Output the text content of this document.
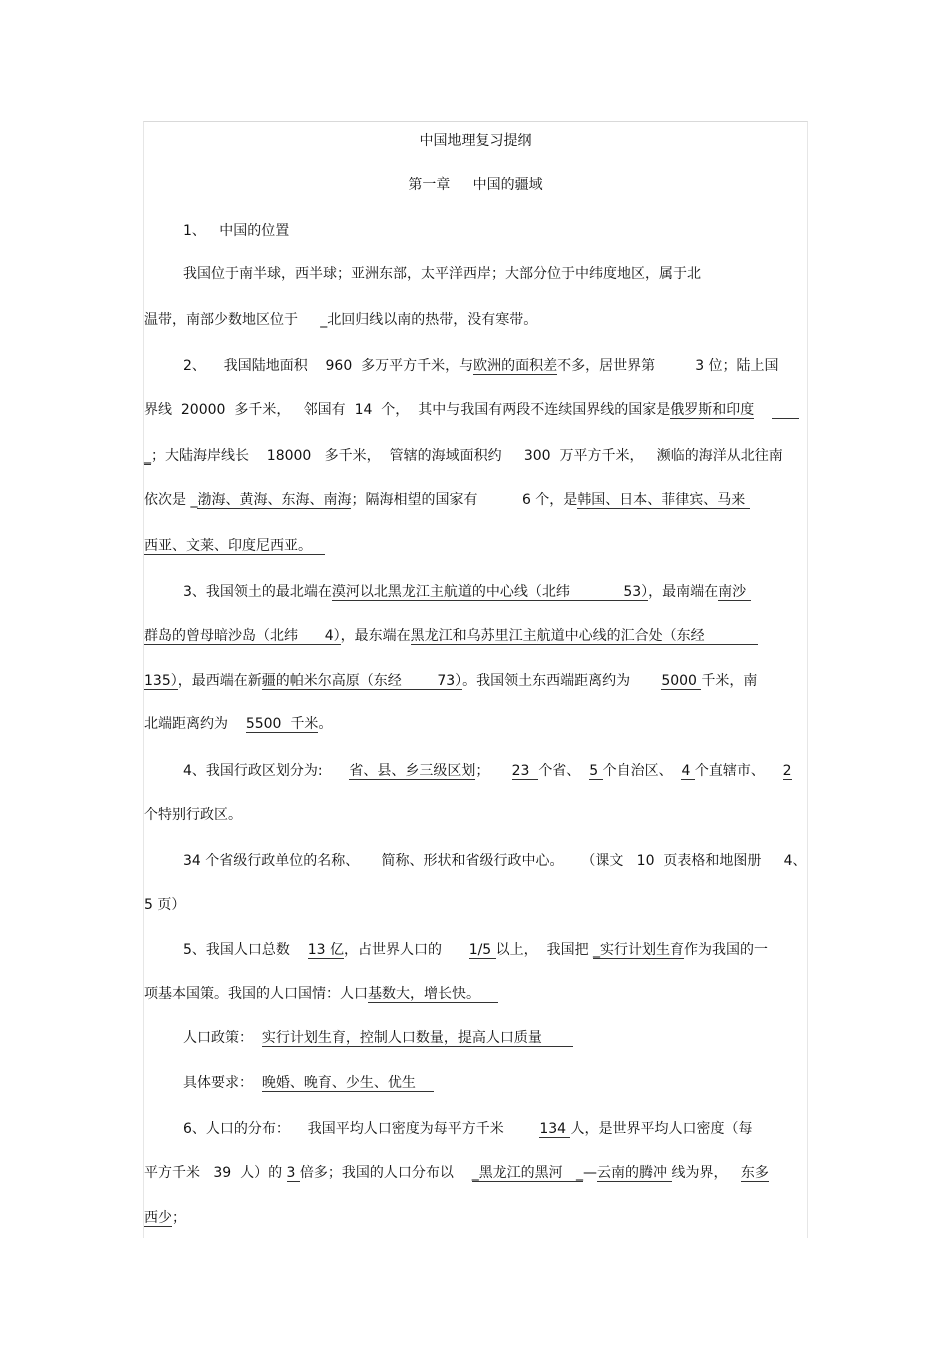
中国地理复习提纲
第一章     中国的疆域
1、   中国的位置
我国位于南半球，西半球；亚洲东部，太平洋西岸；大部分位于中纬度地区，属于北
温带，南部少数地区位于     _北回归线以南的热带，没有寒带。
2、    我国陆地面积    960  多万平方千米，与欧洲的面积差不多，居世界第         3 位；陆上国
界线  20000  多千米，   邻国有  14  个，  其中与我国有两段不连续国界线的国家是俄罗斯和印度
_；大陆海岸线长    18000   多千米，  管辖的海域面积约     300  万平方千米，   濒临的海洋从北往南
依次是 _渤海、黄海、东海、南海；隔海相望的国家有          6 个，是韩国、日本、菲律宾、马来
西亚、文莱、印度尼西亚。
3、我国领土的最北端在漠河以北黑龙江主航道的中心线（北纬            53），最南端在南沙
群岛的曾母暗沙岛（北纬      4），最东端在黑龙江和乌苏里江主航道中心线的汇合处（东经
135），最西端在新疆的帕米尔高原（东经        73）。我国领土东西端距离约为       5000 千米，南
北端距离约为    5500  千米。
4、我国行政区划分为:      省、县、乡三级区划；     23  个省、  5 个自治区、  4 个直辖市、    2
个特别行政区。
34 个省级行政单位的名称、     简称、形状和省级行政中心。    （课文   10  页表格和地图册     4、
5 页）
5、我国人口总数    13 亿，占世界人口的      1/5 以上，  我国把 _实行计划生育作为我国的一
项基本国策。我国的人口国情：人口基数大，增长快。
人口政策：  实行计划生育，控制人口数量，提高人口质量
具体要求：  晚婚、晚育、少生、优生
6、人口的分布：    我国平均人口密度为每平方千米        134 人，是世界平均人口密度（每
平方千米   39  人）的 3 倍多；我国的人口分布以    _黑龙江的黑河   _—云南的腾冲 线为界，   东多
西少；
